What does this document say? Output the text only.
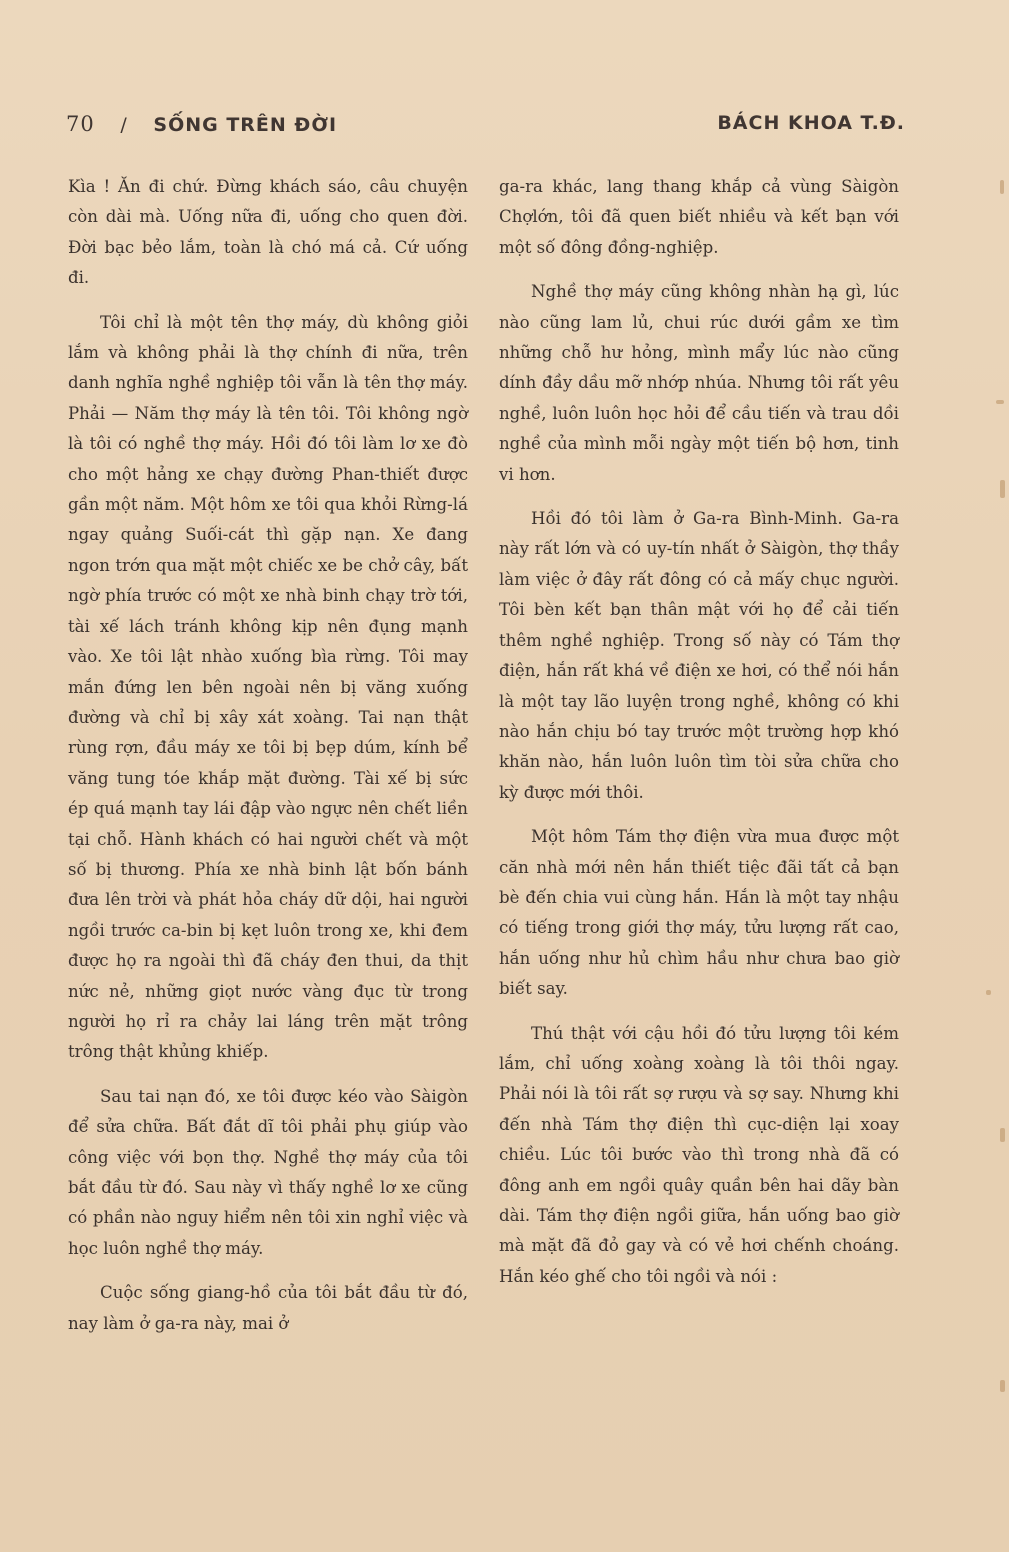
70 / SỐNG TRÊN ĐỜI	BÁCH KHOA T.Đ.

Kìa ! Ăn đi chứ. Đừng khách sáo, câu chuyện còn dài mà. Uống nữa đi, uống cho quen đời. Đời bạc bẻo lắm, toàn là chó má cả. Cứ uống đi.

Tôi chỉ là một tên thợ máy, dù không giỏi lắm và không phải là thợ chính đi nữa, trên danh nghĩa nghề nghiệp tôi vẫn là tên thợ máy. Phải — Năm thợ máy là tên tôi. Tôi không ngờ là tôi có nghề thợ máy. Hồi đó tôi làm lơ xe đò cho một hảng xe chạy đường Phan-thiết được gần một năm. Một hôm xe tôi qua khỏi Rừng-lá ngay quảng Suối-cát thì gặp nạn. Xe đang ngon trớn qua mặt một chiếc xe be chở cây, bất ngờ phía trước có một xe nhà binh chạy trờ tới, tài xế lách tránh không kịp nên đụng mạnh vào. Xe tôi lật nhào xuống bìa rừng. Tôi may mắn đứng len bên ngoài nên bị văng xuống đường và chỉ bị xây xát xoàng. Tai nạn thật rùng rợn, đầu máy xe tôi bị bẹp dúm, kính bể văng tung tóe khắp mặt đường. Tài xế bị sức ép quá mạnh tay lái đập vào ngực nên chết liền tại chỗ. Hành khách có hai người chết và một số bị thương. Phía xe nhà binh lật bốn bánh đưa lên trời và phát hỏa cháy dữ dội, hai người ngồi trước ca-bin bị kẹt luôn trong xe, khi đem được họ ra ngoài thì đã cháy đen thui, da thịt nức nẻ, những giọt nước vàng đục từ trong người họ rỉ ra chảy lai láng trên mặt trông trông thật khủng khiếp.

Sau tai nạn đó, xe tôi được kéo vào Sàigòn để sửa chữa. Bất đắt dĩ tôi phải phụ giúp vào công việc với bọn thợ. Nghề thợ máy của tôi bắt đầu từ đó. Sau này vì thấy nghề lơ xe cũng có phần nào nguy hiểm nên tôi xin nghỉ việc và học luôn nghề thợ máy.

Cuộc sống giang-hồ của tôi bắt đầu từ đó, nay làm ở ga-ra này, mai ở

ga-ra khác, lang thang khắp cả vùng Sàigòn Chợlớn, tôi đã quen biết nhiều và kết bạn với một số đông đồng-nghiệp.

Nghề thợ máy cũng không nhàn hạ gì, lúc nào cũng lam lủ, chui rúc dưới gầm xe tìm những chỗ hư hỏng, mình mẩy lúc nào cũng dính đầy dầu mỡ nhớp nhúa. Nhưng tôi rất yêu nghề, luôn luôn học hỏi để cầu tiến và trau dồi nghề của mình mỗi ngày một tiến bộ hơn, tinh vi hơn.

Hồi đó tôi làm ở Ga-ra Bình-Minh. Ga-ra này rất lớn và có uy-tín nhất ở Sàigòn, thợ thầy làm việc ở đây rất đông có cả mấy chục người. Tôi bèn kết bạn thân mật với họ để cải tiến thêm nghề nghiệp. Trong số này có Tám thợ điện, hắn rất khá về điện xe hơi, có thể nói hắn là một tay lão luyện trong nghề, không có khi nào hắn chịu bó tay trước một trường hợp khó khăn nào, hắn luôn luôn tìm tòi sửa chữa cho kỳ được mới thôi.

Một hôm Tám thợ điện vừa mua được một căn nhà mới nên hắn thiết tiệc đãi tất cả bạn bè đến chia vui cùng hắn. Hắn là một tay nhậu có tiếng trong giới thợ máy, tửu lượng rất cao, hắn uống như hủ chìm hầu như chưa bao giờ biết say.

Thú thật với cậu hồi đó tửu lượng tôi kém lắm, chỉ uống xoàng xoàng là tôi thôi ngay. Phải nói là tôi rất sợ rượu và sợ say. Nhưng khi đến nhà Tám thợ điện thì cục-diện lại xoay chiều. Lúc tôi bước vào thì trong nhà đã có đông anh em ngồi quây quần bên hai dãy bàn dài. Tám thợ điện ngồi giữa, hắn uống bao giờ mà mặt đã đỏ gay và có vẻ hơi chếnh choáng. Hắn kéo ghế cho tôi ngồi và nói :
